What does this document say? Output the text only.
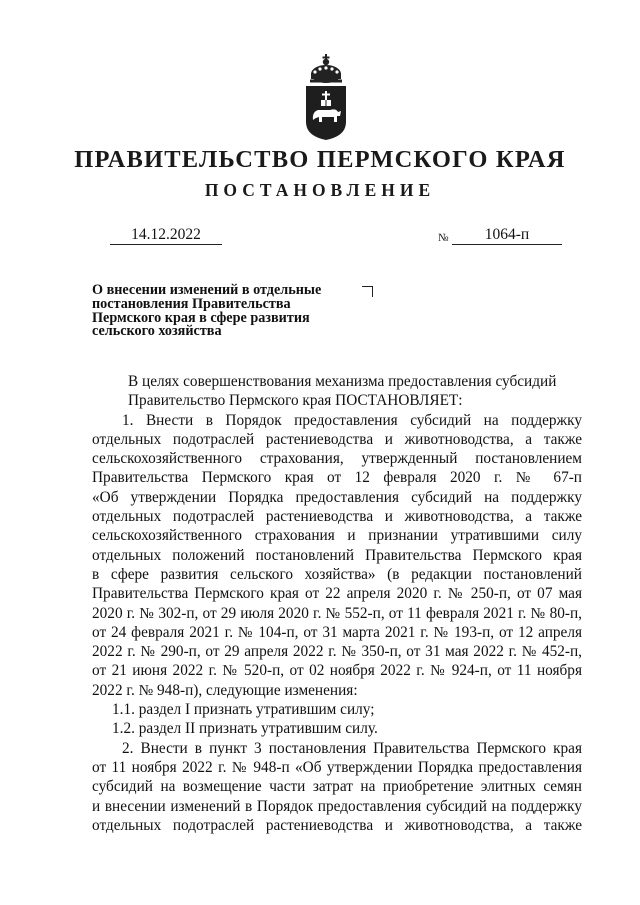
ПРАВИТЕЛЬСТВО ПЕРМСКОГО КРАЯ
ПОСТАНОВЛЕНИЕ
14.12.2022	№	1064-п
О внесении изменений в отдельные
постановления Правительства
Пермского края в сфере развития
сельского хозяйства
В целях совершенствования механизма предоставления субсидий
Правительство Пермского края ПОСТАНОВЛЯЕТ:
1. Внести в Порядок предоставления субсидий на поддержку
отдельных подотраслей растениеводства и животноводства, а также
сельскохозяйственного страхования, утвержденный постановлением
Правительства Пермского края от 12 февраля 2020 г. № 67-п
«Об утверждении Порядка предоставления субсидий на поддержку
отдельных подотраслей растениеводства и животноводства, а также
сельскохозяйственного страхования и признании утратившими силу
отдельных положений постановлений Правительства Пермского края
в сфере развития сельского хозяйства» (в редакции постановлений
Правительства Пермского края от 22 апреля 2020 г. № 250-п, от 07 мая
2020 г. № 302-п, от 29 июля 2020 г. № 552-п, от 11 февраля 2021 г. № 80-п,
от 24 февраля 2021 г. № 104-п, от 31 марта 2021 г. № 193-п, от 12 апреля
2022 г. № 290-п, от 29 апреля 2022 г. № 350-п, от 31 мая 2022 г. № 452-п,
от 21 июня 2022 г. № 520-п, от 02 ноября 2022 г. № 924-п, от 11 ноября
2022 г. № 948-п), следующие изменения:
1.1. раздел I признать утратившим силу;
1.2. раздел II признать утратившим силу.
2. Внести в пункт 3 постановления Правительства Пермского края
от 11 ноября 2022 г. № 948-п «Об утверждении Порядка предоставления
субсидий на возмещение части затрат на приобретение элитных семян
и внесении изменений в Порядок предоставления субсидий на поддержку
отдельных подотраслей растениеводства и животноводства, а также
